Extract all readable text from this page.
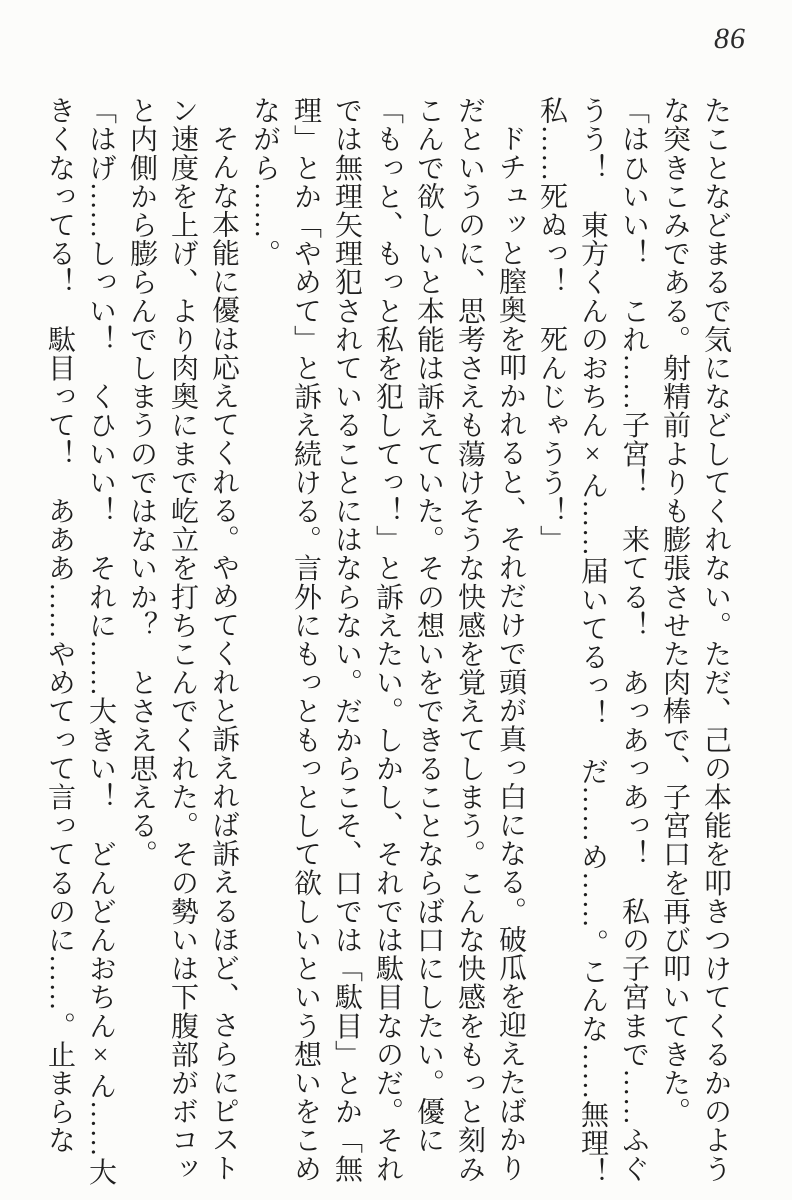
86

たことなどまるで気になどしてくれない。ただ、己の本能を叩きつけてくるかのような突きこみである。射精前よりも膨張させた肉棒で、子宮口を再び叩いてきた。

「はひいい！　これ……子宮！　来てる！　あっあっあっ！　私の子宮まで……ふぐうう！　東方くんのおちん×ん……届いてるっ！　だ……め……。こんな……無理！私……死ぬっ！　死んじゃうう！」

ドチュッと膣奥を叩かれると、それだけで頭が真っ白になる。破瓜を迎えたばかりだというのに、思考さえも蕩けそうな快感を覚えてしまう。こんな快感をもっと刻みこんで欲しいと本能は訴えていた。その想いをできることならば口にしたい。優に「もっと、もっと私を犯してっ！」と訴えたい。しかし、それでは駄目なのだ。それでは無理矢理犯されていることにはならない。だからこそ、口では「駄目」とか「無理」とか「やめて」と訴え続ける。言外にもっともっとして欲しいという想いをこめながら……。

そんな本能に優は応えてくれる。やめてくれと訴えれば訴えるほど、さらにピストン速度を上げ、より肉奥にまで屹立を打ちこんでくれた。その勢いは下腹部がボコッと内側から膨らんでしまうのではないか？　とさえ思える。

「はげ……しっい！　くひいい！　それに……大きい！　どんどんおちん×ん……大きくなってる！　駄目って！　あああ……やめてって言ってるのに……。止まらな
